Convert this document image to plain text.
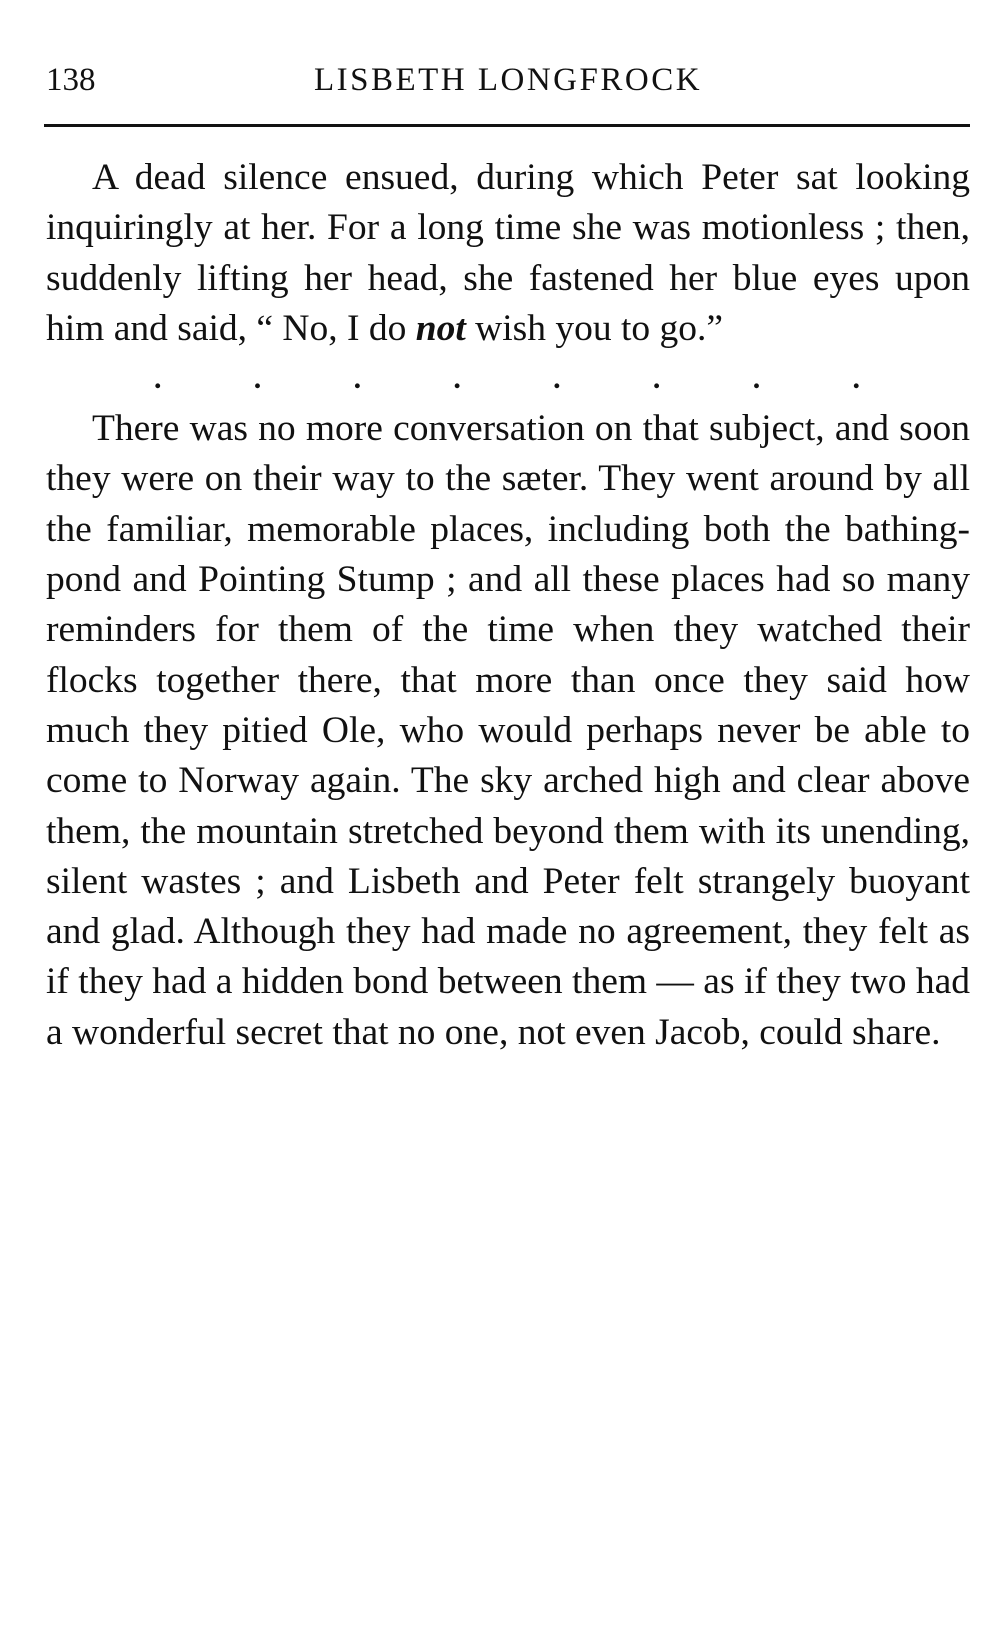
138	LISBETH LONGFROCK

A dead silence ensued, during which Peter sat looking inquiringly at her. For a long time she was motionless ; then, suddenly lifting her head, she fastened her blue eyes upon him and said, “ No, I do not wish you to go.”

.	.	.	.	.	.	.	.

There was no more conversation on that subject, and soon they were on their way to the sæter. They went around by all the familiar, memorable places, including both the bathing-pond and Pointing Stump ; and all these places had so many reminders for them of the time when they watched their flocks together there, that more than once they said how much they pitied Ole, who would perhaps never be able to come to Norway again. The sky arched high and clear above them, the mountain stretched beyond them with its unending, silent wastes ; and Lisbeth and Peter felt strangely buoyant and glad. Although they had made no agreement, they felt as if they had a hidden bond between them — as if they two had a wonderful secret that no one, not even Jacob, could share.
